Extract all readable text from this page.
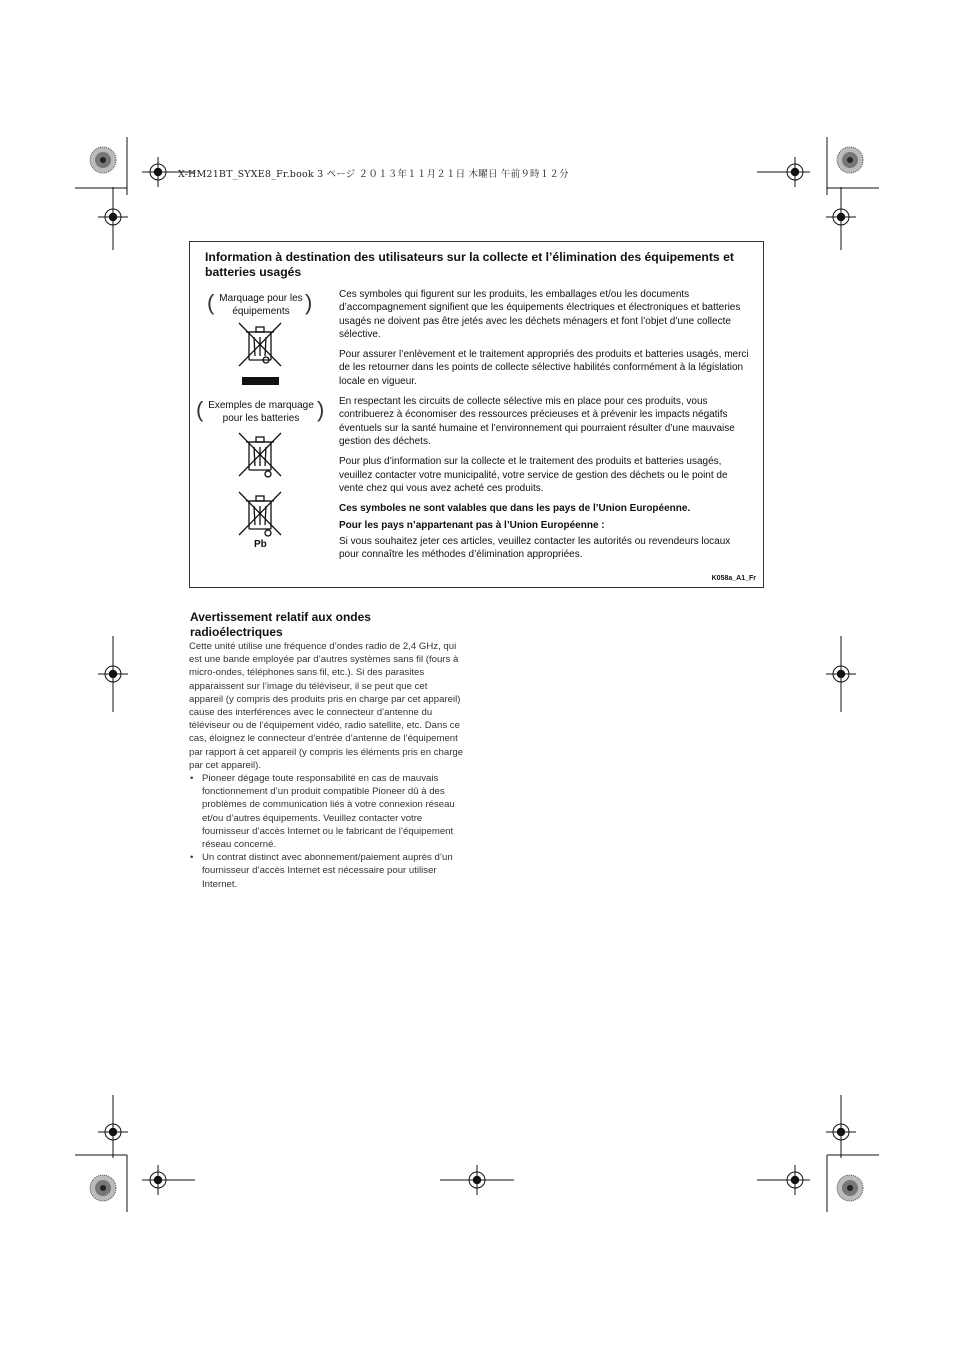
X-HM21BT_SYXE8_Fr.book 3 ページ ２０１３年１１月２１日 木曜日 午前９時１２分
Information à destination des utilisateurs sur la collecte et l’élimination des équipements et batteries usagés
( Marquage pour les équipements )
( Exemples de marquage pour les batteries )
Pb

Ces symboles qui figurent sur les produits, les emballages et/ou les documents d’accompagnement signifient que les équipements électriques et électroniques et batteries usagés ne doivent pas être jetés avec les déchets ménagers et font l’objet d’une collecte sélective.

Pour assurer l’enlèvement et le traitement appropriés des produits et batteries usagés, merci de les retourner dans les points de collecte sélective habilités conformément à la législation locale en vigueur.

En respectant les circuits de collecte sélective mis en place pour ces produits, vous contribuerez à économiser des ressources précieuses et à prévenir les impacts négatifs éventuels sur la santé humaine et l’environnement qui pourraient résulter d’une mauvaise gestion des déchets.

Pour plus d’information sur la collecte et le traitement des produits et batteries usagés, veuillez contacter votre municipalité, votre service de gestion des déchets ou le point de vente chez qui vous avez acheté ces produits.

Ces symboles ne sont valables que dans les pays de l’Union Européenne.

Pour les pays n’appartenant pas à l’Union Européenne :

Si vous souhaitez jeter ces articles, veuillez contacter les autorités ou revendeurs locaux pour connaître les méthodes d’élimination appropriées.

K058a_A1_Fr
Avertissement relatif aux ondes radioélectriques
Cette unité utilise une fréquence d’ondes radio de 2,4 GHz, qui est une bande employée par d’autres systèmes sans fil (fours à micro-ondes, téléphones sans fil, etc.). Si des parasites apparaissent sur l’image du téléviseur, il se peut que cet appareil (y compris des produits pris en charge par cet appareil) cause des interférences avec le connecteur d’antenne du téléviseur ou de l’équipement vidéo, radio satellite, etc. Dans ce cas, éloignez le connecteur d’entrée d’antenne de l’équipement par rapport à cet appareil (y compris les éléments pris en charge par cet appareil).
• Pioneer dégage toute responsabilité en cas de mauvais fonctionnement d’un produit compatible Pioneer dû à des problèmes de communication liés à votre connexion réseau et/ou d’autres équipements. Veuillez contacter votre fournisseur d’accès Internet ou le fabricant de l’équipement réseau concerné.
• Un contrat distinct avec abonnement/paiement auprès d’un fournisseur d’accès Internet est nécessaire pour utiliser Internet.
